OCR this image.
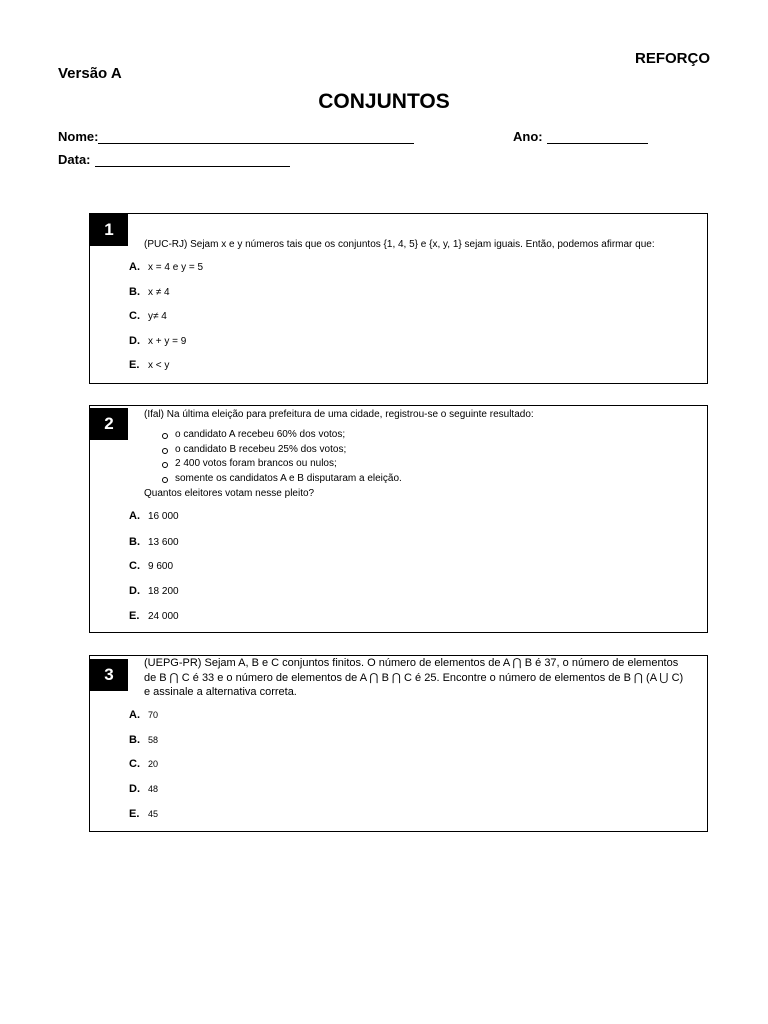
REFORÇO
Versão A
CONJUNTOS
Nome:	Ano:
Data:
1
(PUC-RJ) Sejam x e y números tais que os conjuntos {1, 4, 5} e {x, y, 1} sejam iguais. Então, podemos afirmar que:
A. x = 4 e y = 5
B. x ≠ 4
C. y≠ 4
D. x + y = 9
E. x < y
2	(Ifal) Na última eleição para prefeitura de uma cidade, registrou-se o seguinte resultado:
o candidato A recebeu 60% dos votos;
o candidato B recebeu 25% dos votos;
2 400 votos foram brancos ou nulos;
somente os candidatos A e B disputaram a eleição.
Quantos eleitores votam nesse pleito?
A. 16 000
B. 13 600
C. 9 600
D. 18 200
E. 24 000
3
(UEPG-PR) Sejam A, B e C conjuntos finitos. O número de elementos de A ⋂ B é 37, o número de elementos de B ⋂ C é 33 e o número de elementos de A ⋂ B ⋂ C é 25. Encontre o número de elementos de B ⋂ (A ⋃ C) e assinale a alternativa correta.
A. 70
B. 58
C. 20
D. 48
E. 45
